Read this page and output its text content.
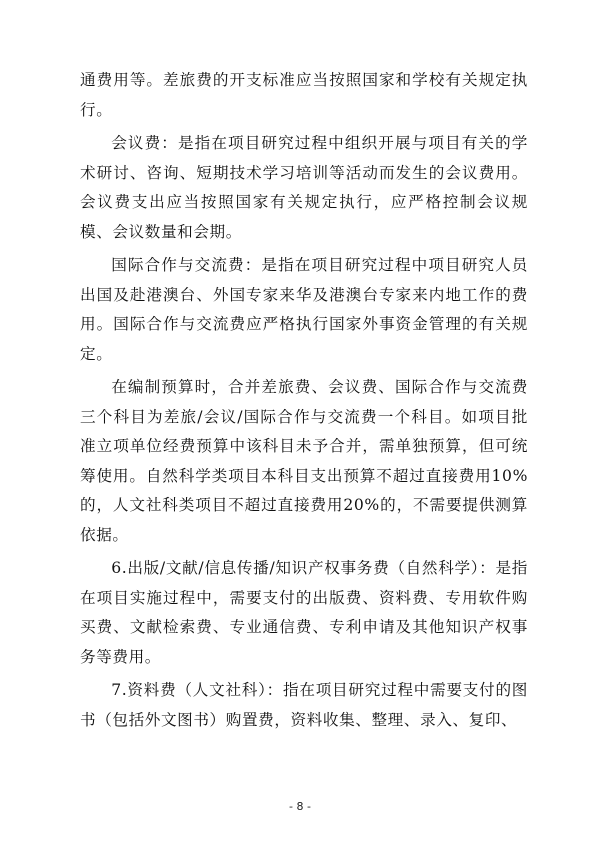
通费用等。差旅费的开支标准应当按照国家和学校有关规定执行。

会议费：是指在项目研究过程中组织开展与项目有关的学术研讨、咨询、短期技术学习培训等活动而发生的会议费用。会议费支出应当按照国家有关规定执行，应严格控制会议规模、会议数量和会期。

国际合作与交流费：是指在项目研究过程中项目研究人员出国及赴港澳台、外国专家来华及港澳台专家来内地工作的费用。国际合作与交流费应严格执行国家外事资金管理的有关规定。

在编制预算时，合并差旅费、会议费、国际合作与交流费三个科目为差旅/会议/国际合作与交流费一个科目。如项目批准立项单位经费预算中该科目未予合并，需单独预算，但可统筹使用。自然科学类项目本科目支出预算不超过直接费用10%的，人文社科类项目不超过直接费用20%的，不需要提供测算依据。

6.出版/文献/信息传播/知识产权事务费（自然科学）：是指在项目实施过程中，需要支付的出版费、资料费、专用软件购买费、文献检索费、专业通信费、专利申请及其他知识产权事务等费用。

7.资料费（人文社科）：指在项目研究过程中需要支付的图书（包括外文图书）购置费，资料收集、整理、录入、复印、

- 8 -
